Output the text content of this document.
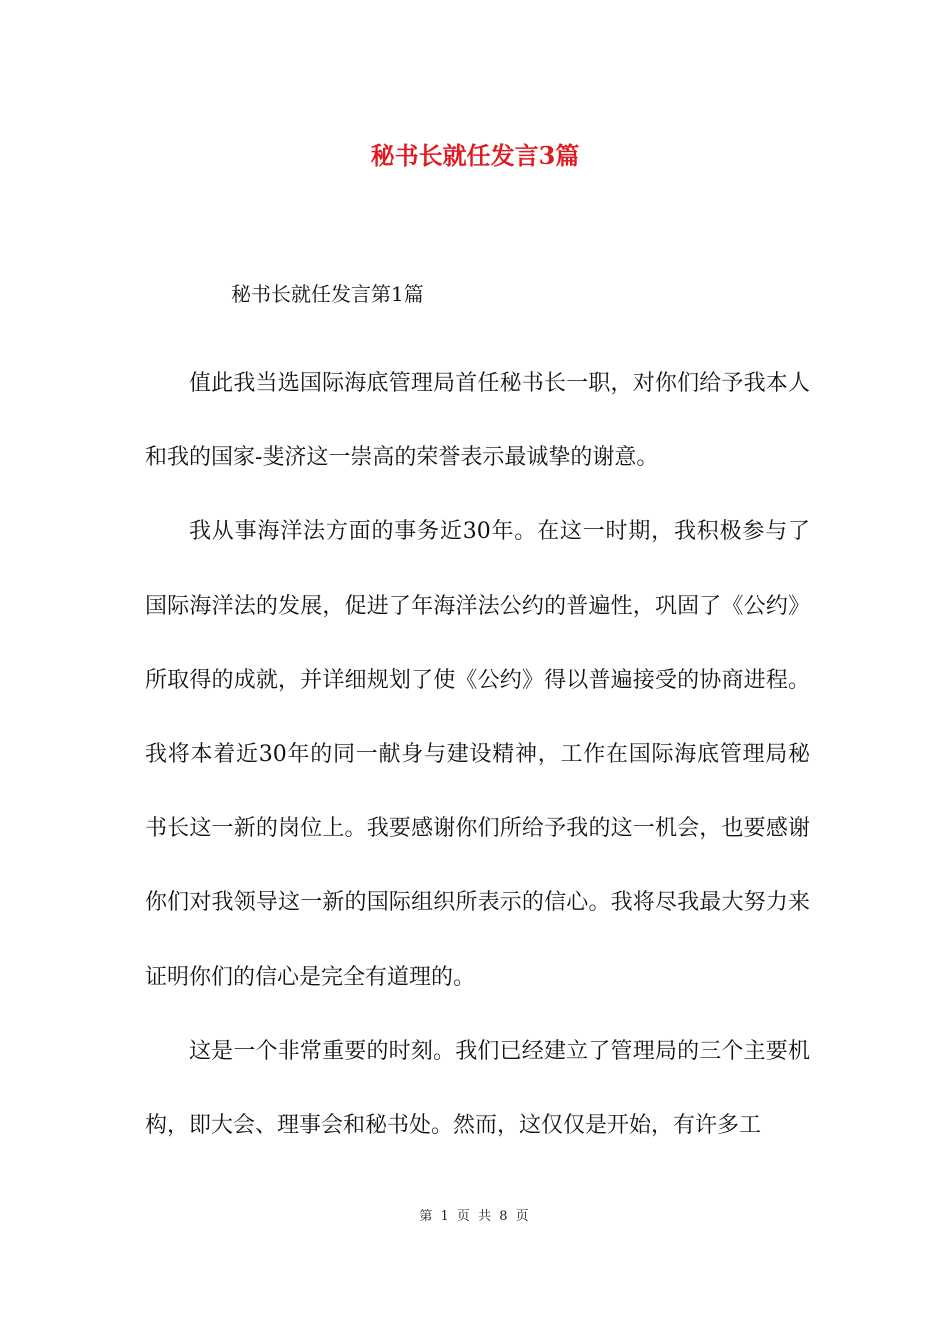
秘书长就任发言3篇

秘书长就任发言第1篇

值此我当选国际海底管理局首任秘书长一职，对你们给予我本人和我的国家-斐济这一崇高的荣誉表示最诚挚的谢意。

我从事海洋法方面的事务近30年。在这一时期，我积极参与了国际海洋法的发展，促进了年海洋法公约的普遍性，巩固了《公约》所取得的成就，并详细规划了使《公约》得以普遍接受的协商进程。我将本着近30年的同一献身与建设精神，工作在国际海底管理局秘书长这一新的岗位上。我要感谢你们所给予我的这一机会，也要感谢你们对我领导这一新的国际组织所表示的信心。我将尽我最大努力来证明你们的信心是完全有道理的。

这是一个非常重要的时刻。我们已经建立了管理局的三个主要机构，即大会、理事会和秘书处。然而，这仅仅是开始，有许多工

第 1 页 共 8 页
